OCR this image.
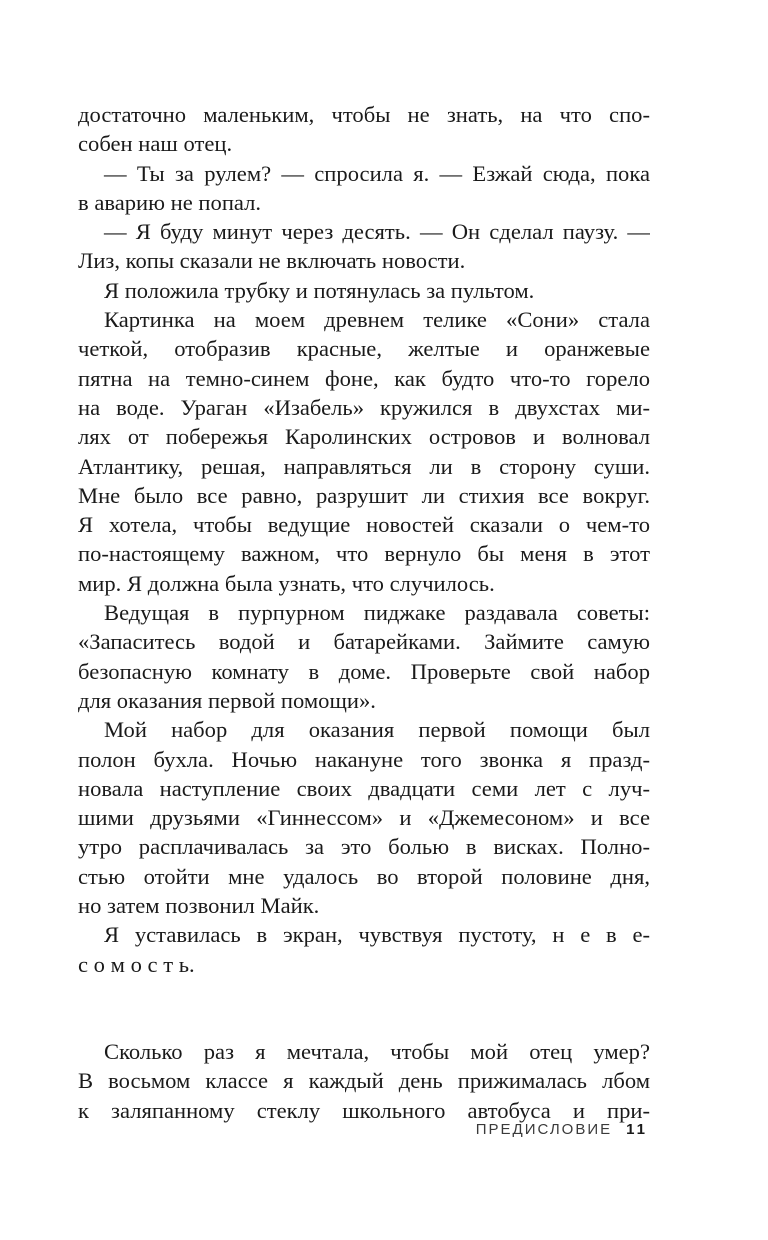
достаточно маленьким, чтобы не знать, на что спо-
собен наш отец.
— Ты за рулем? — спросила я. — Езжай сюда, пока
в аварию не попал.
— Я буду минут через десять. — Он сделал паузу. —
Лиз, копы сказали не включать новости.
Я положила трубку и потянулась за пультом.
Картинка на моем древнем телике «Сони» стала
четкой, отобразив красные, желтые и оранжевые
пятна на темно-синем фоне, как будто что-то горело
на воде. Ураган «Изабель» кружился в двухстах ми-
лях от побережья Каролинских островов и волновал
Атлантику, решая, направляться ли в сторону суши.
Мне было все равно, разрушит ли стихия все вокруг.
Я хотела, чтобы ведущие новостей сказали о чем-то
по-настоящему важном, что вернуло бы меня в этот
мир. Я должна была узнать, что случилось.
Ведущая в пурпурном пиджаке раздавала советы:
«Запаситесь водой и батарейками. Займите самую
безопасную комнату в доме. Проверьте свой набор
для оказания первой помощи».
Мой набор для оказания первой помощи был
полон бухла. Ночью накануне того звонка я празд-
новала наступление своих двадцати семи лет с луч-
шими друзьями «Гиннессом» и «Джемесоном» и все
утро расплачивалась за это болью в висках. Полно-
стью отойти мне удалось во второй половине дня,
но затем позвонил Майк.
Я уставилась в экран, чувствуя пустоту, н е в е-
с о м о с т ь.
Сколько раз я мечтала, чтобы мой отец умер?
В восьмом классе я каждый день прижималась лбом
к заляпанному стеклу школьного автобуса и при-
ПРЕДИСЛОВИЕ 11
